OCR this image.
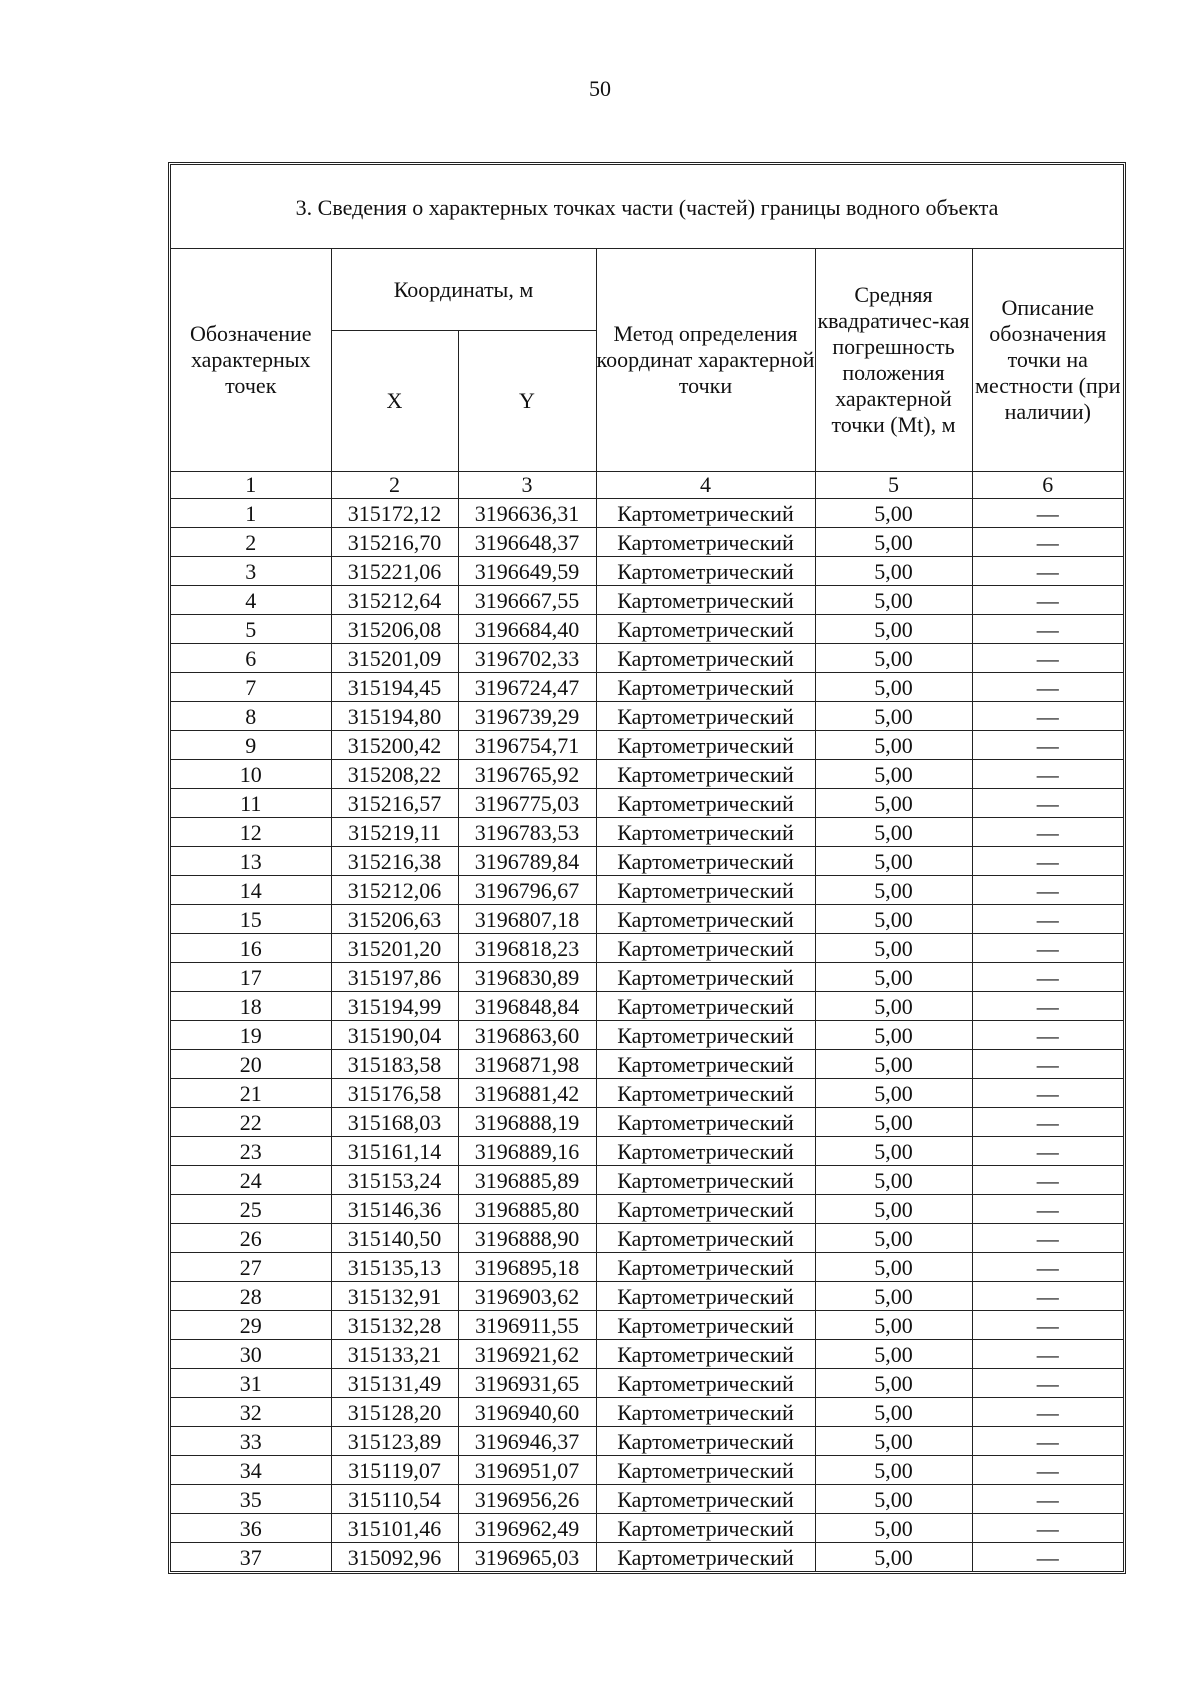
50
3. Сведения о характерных точках части (частей) границы водного объекта					
Обозначение характерных точек	Координаты, м		Метод определения координат характерной точки	Средняя квадратичес-кая погрешность положения характерной точки (Mt), м	Описание обозначения точки на местности (при наличии)
	X	Y			
1	2	3	4	5	6
1	315172,12	3196636,31	Картометрический	5,00	—
2	315216,70	3196648,37	Картометрический	5,00	—
3	315221,06	3196649,59	Картометрический	5,00	—
4	315212,64	3196667,55	Картометрический	5,00	—
5	315206,08	3196684,40	Картометрический	5,00	—
6	315201,09	3196702,33	Картометрический	5,00	—
7	315194,45	3196724,47	Картометрический	5,00	—
8	315194,80	3196739,29	Картометрический	5,00	—
9	315200,42	3196754,71	Картометрический	5,00	—
10	315208,22	3196765,92	Картометрический	5,00	—
11	315216,57	3196775,03	Картометрический	5,00	—
12	315219,11	3196783,53	Картометрический	5,00	—
13	315216,38	3196789,84	Картометрический	5,00	—
14	315212,06	3196796,67	Картометрический	5,00	—
15	315206,63	3196807,18	Картометрический	5,00	—
16	315201,20	3196818,23	Картометрический	5,00	—
17	315197,86	3196830,89	Картометрический	5,00	—
18	315194,99	3196848,84	Картометрический	5,00	—
19	315190,04	3196863,60	Картометрический	5,00	—
20	315183,58	3196871,98	Картометрический	5,00	—
21	315176,58	3196881,42	Картометрический	5,00	—
22	315168,03	3196888,19	Картометрический	5,00	—
23	315161,14	3196889,16	Картометрический	5,00	—
24	315153,24	3196885,89	Картометрический	5,00	—
25	315146,36	3196885,80	Картометрический	5,00	—
26	315140,50	3196888,90	Картометрический	5,00	—
27	315135,13	3196895,18	Картометрический	5,00	—
28	315132,91	3196903,62	Картометрический	5,00	—
29	315132,28	3196911,55	Картометрический	5,00	—
30	315133,21	3196921,62	Картометрический	5,00	—
31	315131,49	3196931,65	Картометрический	5,00	—
32	315128,20	3196940,60	Картометрический	5,00	—
33	315123,89	3196946,37	Картометрический	5,00	—
34	315119,07	3196951,07	Картометрический	5,00	—
35	315110,54	3196956,26	Картометрический	5,00	—
36	315101,46	3196962,49	Картометрический	5,00	—
37	315092,96	3196965,03	Картометрический	5,00	—
